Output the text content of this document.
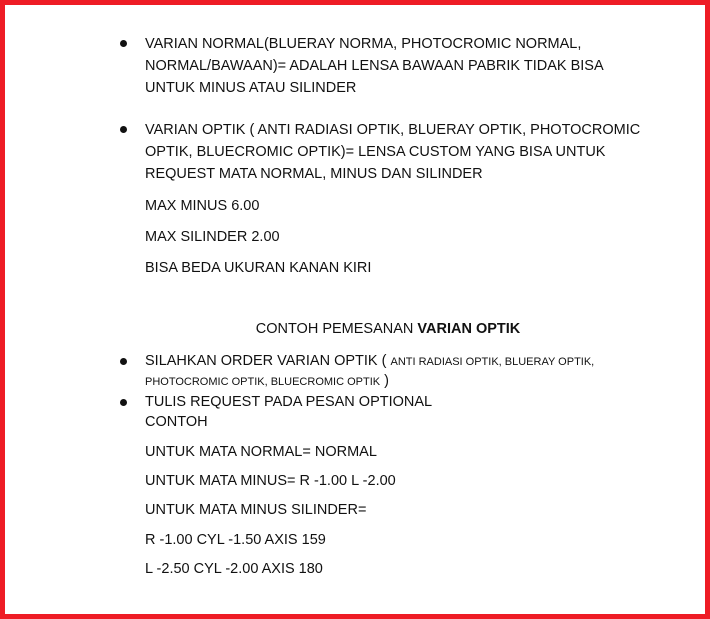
VARIAN NORMAL(BLUERAY NORMA, PHOTOCROMIC NORMAL,
NORMAL/BAWAAN)= ADALAH LENSA BAWAAN PABRIK TIDAK BISA
UNTUK MINUS ATAU SILINDER
VARIAN OPTIK ( ANTI RADIASI OPTIK, BLUERAY OPTIK, PHOTOCROMIC
OPTIK, BLUECROMIC OPTIK)= LENSA CUSTOM YANG BISA UNTUK
REQUEST MATA NORMAL, MINUS DAN SILINDER
MAX MINUS 6.00
MAX SILINDER 2.00
BISA BEDA UKURAN KANAN KIRI
CONTOH PEMESANAN VARIAN OPTIK
SILAHKAN ORDER VARIAN OPTIK ( ANTI RADIASI OPTIK, BLUERAY OPTIK,
PHOTOCROMIC OPTIK, BLUECROMIC OPTIK )
TULIS REQUEST PADA PESAN OPTIONAL
CONTOH
UNTUK MATA NORMAL= NORMAL
UNTUK MATA MINUS= R -1.00 L -2.00
UNTUK MATA MINUS SILINDER=
R -1.00 CYL -1.50 AXIS 159
L -2.50 CYL -2.00 AXIS 180
